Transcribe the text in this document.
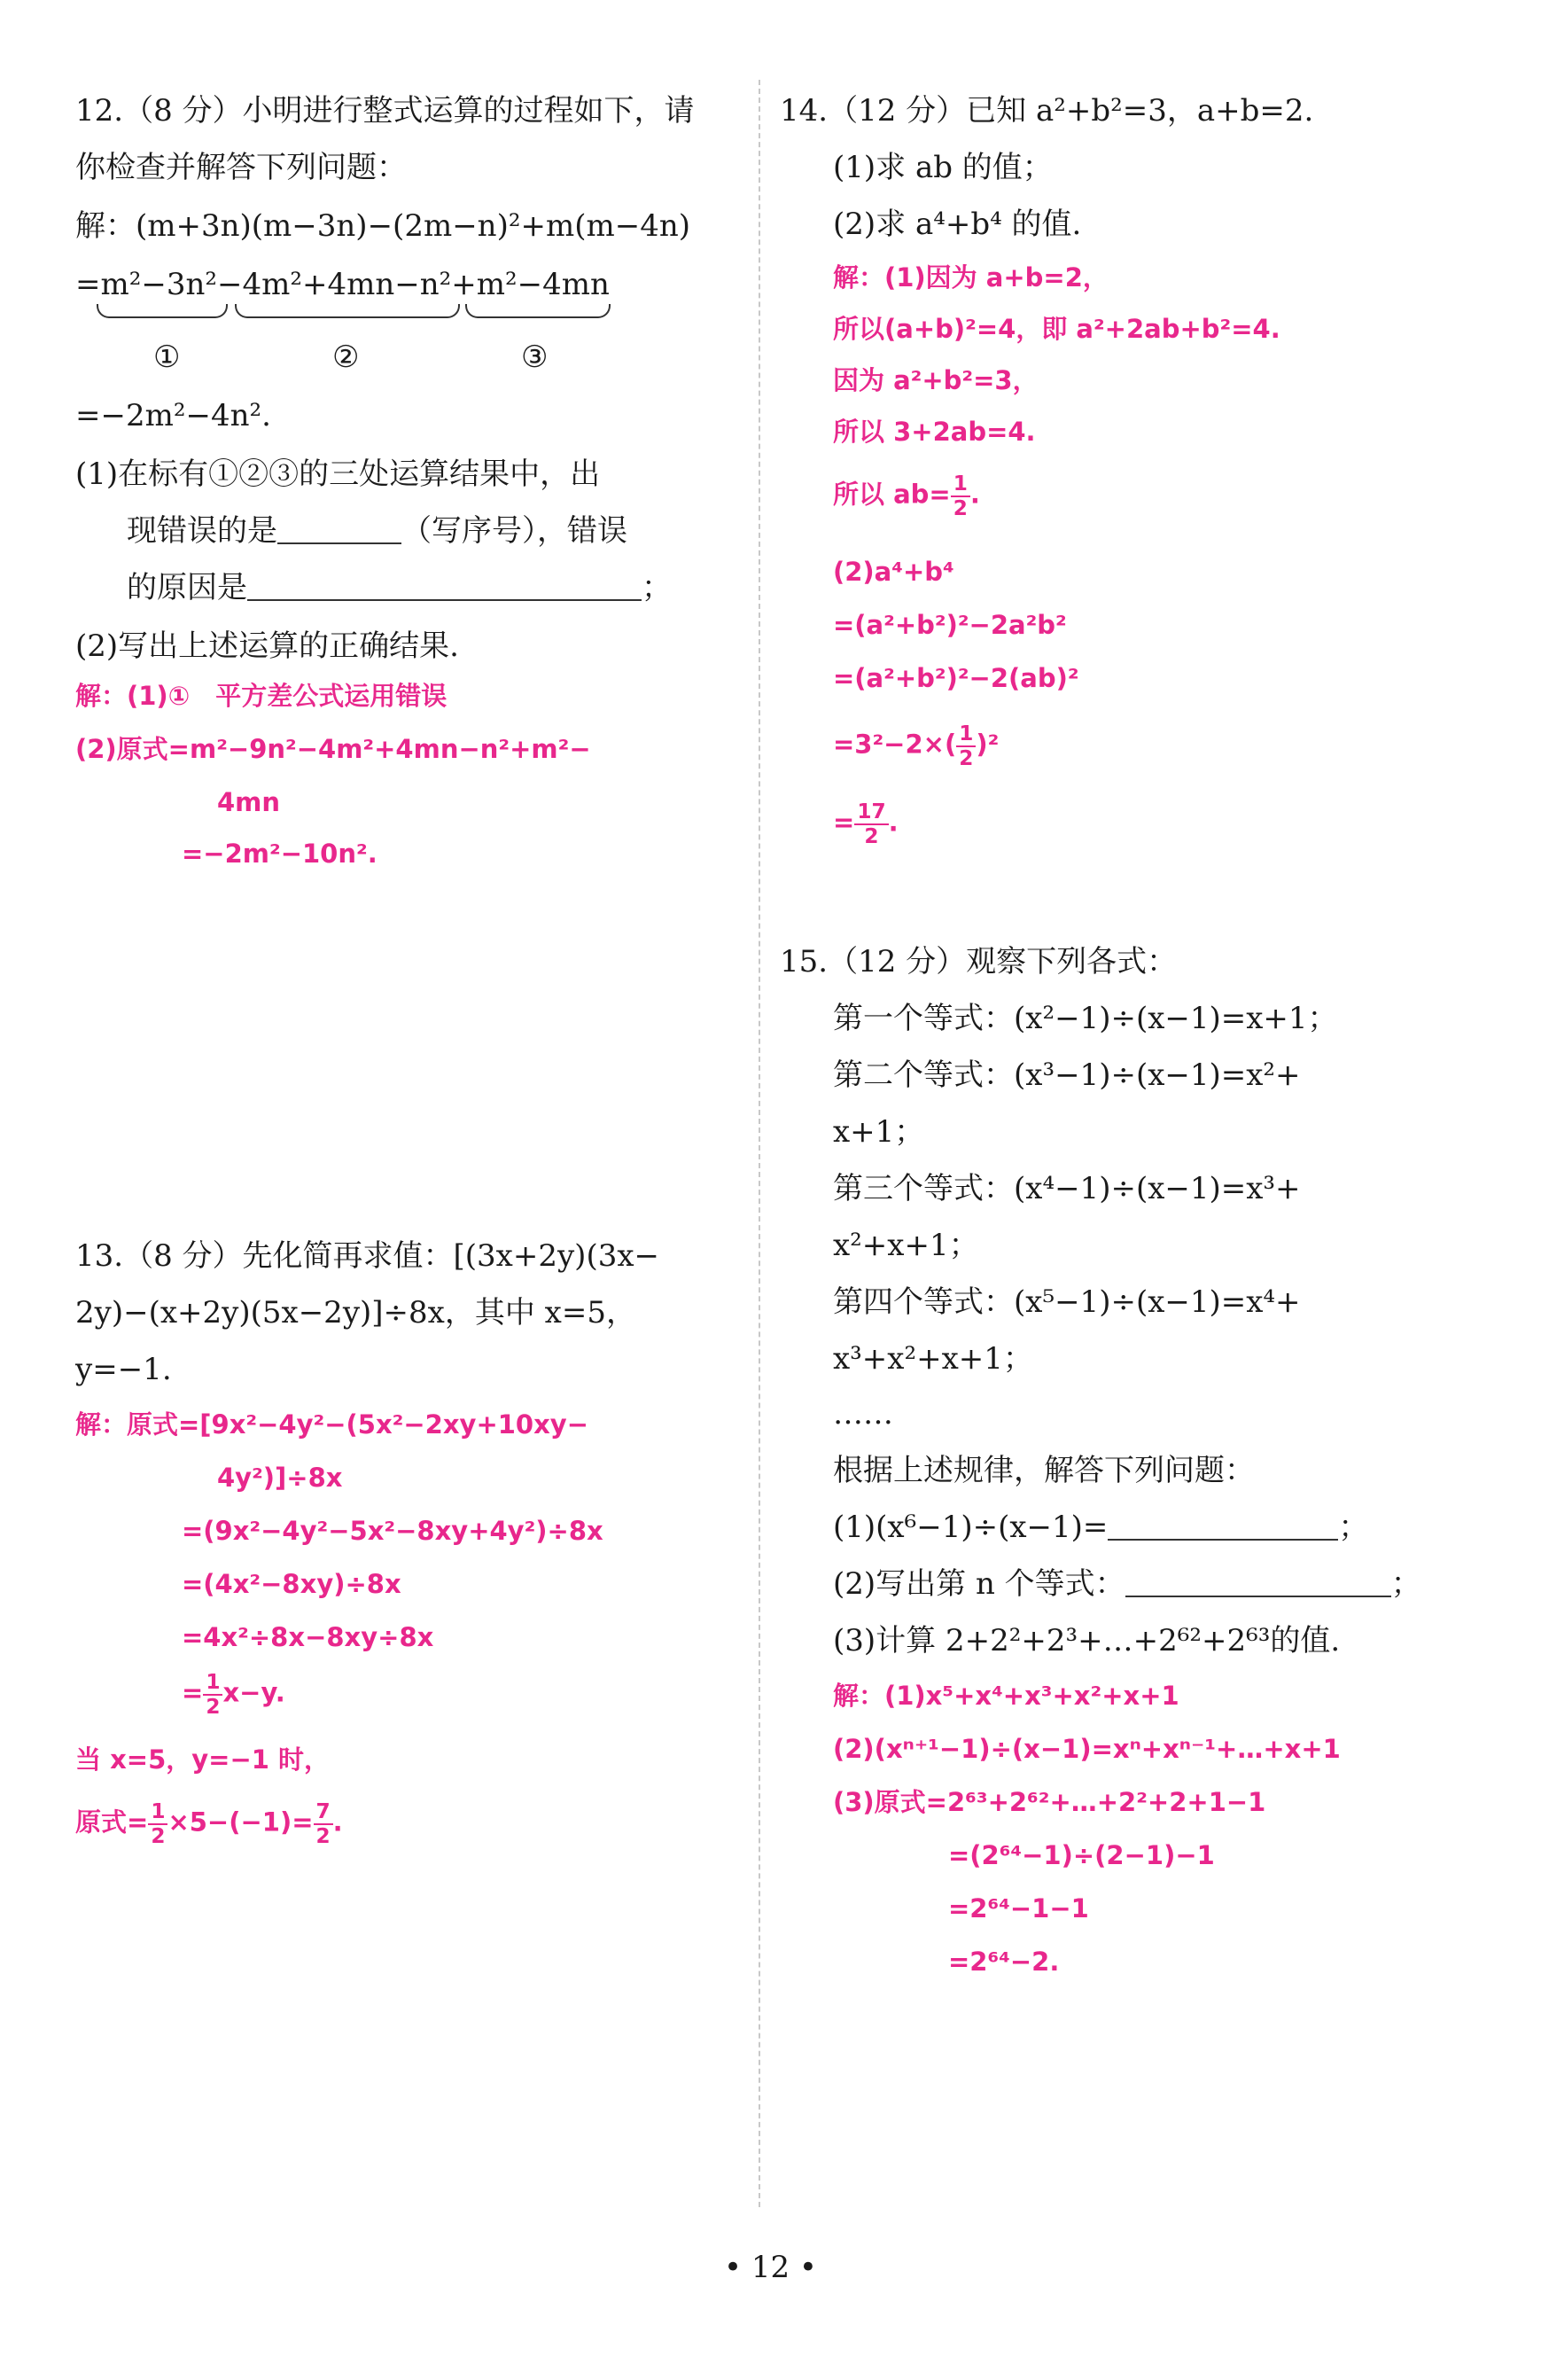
12.（8 分）小明进行整式运算的过程如下，请
你检查并解答下列问题：
解：(m+3n)(m−3n)−(2m−n)²+m(m−4n)
=m²−3n²−4m²+4mn−n²+m²−4mn
①	②	③
=−2m²−4n².
(1)在标有①②③的三处运算结果中，出
现错误的是	（写序号），错误
的原因是	；
(2)写出上述运算的正确结果.
解：(1)①　平方差公式运用错误
(2)原式=m²−9n²−4m²+4mn−n²+m²−
4mn
=−2m²−10n².
13.（8 分）先化简再求值：[(3x+2y)(3x−
2y)−(x+2y)(5x−2y)]÷8x，其中 x=5，
y=−1.
解：原式=[9x²−4y²−(5x²−2xy+10xy−
4y²)]÷8x
=(9x²−4y²−5x²−8xy+4y²)÷8x
=(4x²−8xy)÷8x
=4x²÷8x−8xy÷8x
= $\frac{1}{2} x-y$.
当 x=5，y=−1 时，
原式= $\frac{1}{2} \times 5-(-1)= \frac{7}{2}$ .
14.（12 分）已知 a²+b²=3，a+b=2.
(1)求 ab 的值；
(2)求 a⁴+b⁴ 的值.
解：(1)因为 a+b=2，
所以(a+b)²=4，即 a²+2ab+b²=4.
因为 a²+b²=3，
所以 3+2ab=4.
所以 $ab= \frac{1}{2}$ .
(2)a⁴+b⁴
=(a²+b²)²−2a²b²
=(a²+b²)²−2(ab)²
$=3^2-2\times( \frac{1}{2} )^2$
= $\frac{17}{2}$ .
15.（12 分）观察下列各式：
第一个等式：(x²−1)÷(x−1)=x+1；
第二个等式：(x³−1)÷(x−1)=x²+
x+1；
第三个等式：(x⁴−1)÷(x−1)=x³+
x²+x+1；
第四个等式：(x⁵−1)÷(x−1)=x⁴+
x³+x²+x+1；
……
根据上述规律，解答下列问题：
(1)(x⁶−1)÷(x−1)=	；
(2)写出第 n 个等式：	；
(3)计算 2+2²+2³+…+2⁶²+2⁶³的值.
解：(1)x⁵+x⁴+x³+x²+x+1
(2)(xⁿ⁺¹−1)÷(x−1)=xⁿ+xⁿ⁻¹+…+x+1
(3)原式=2⁶³+2⁶²+…+2²+2+1−1
=(2⁶⁴−1)÷(2−1)−1
=2⁶⁴−1−1
=2⁶⁴−2.
• 12 •
